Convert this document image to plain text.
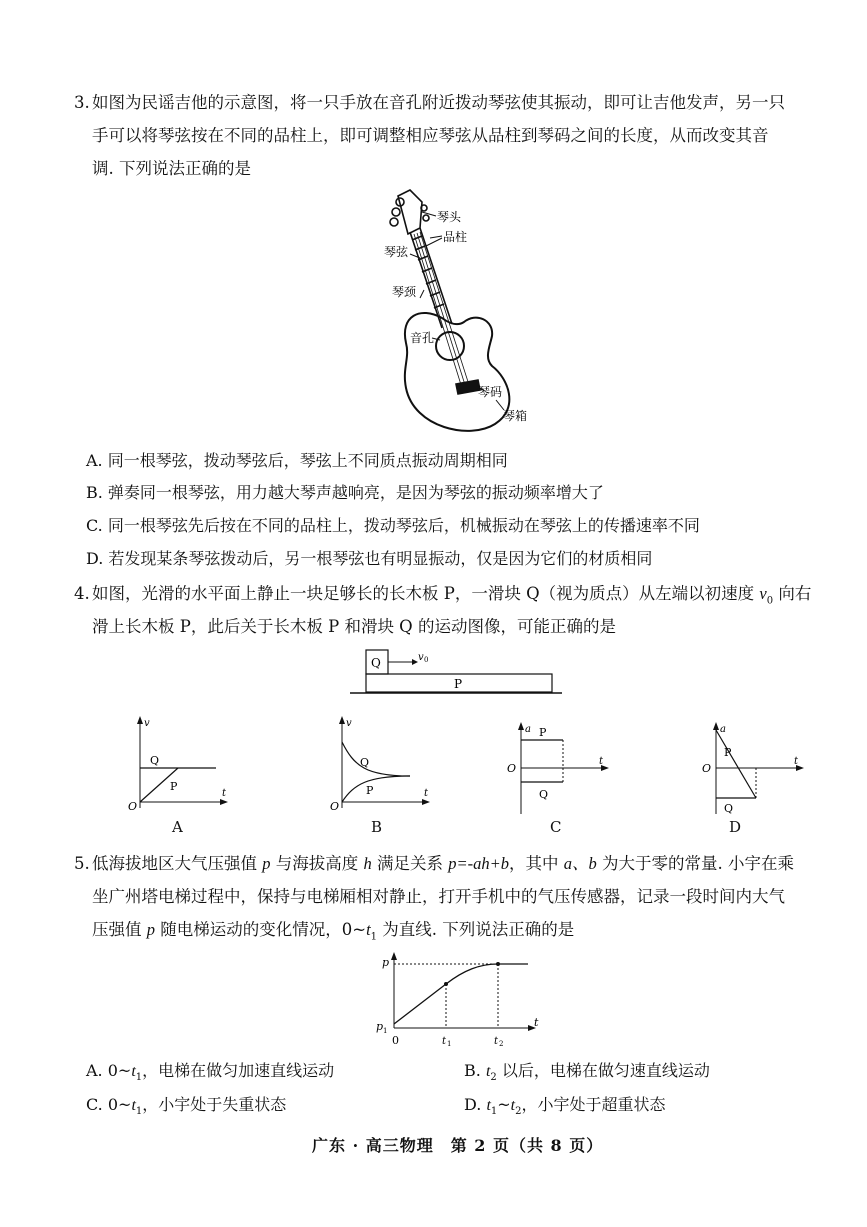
3. 如图为民谣吉他的示意图，将一只手放在音孔附近拨动琴弦使其振动，即可让吉他发声，另一只
手可以将琴弦按在不同的品柱上，即可调整相应琴弦从品柱到琴码之间的长度，从而改变其音
调. 下列说法正确的是
琴头
品柱
琴弦
琴颈
音孔
琴码
琴箱
A. 同一根琴弦，拨动琴弦后，琴弦上不同质点振动周期相同
B. 弹奏同一根琴弦，用力越大琴声越响亮，是因为琴弦的振动频率增大了
C. 同一根琴弦先后按在不同的品柱上，拨动琴弦后，机械振动在琴弦上的传播速率不同
D. 若发现某条琴弦拨动后，另一根琴弦也有明显振动，仅是因为它们的材质相同
4. 如图，光滑的水平面上静止一块足够长的长木板 P，一滑块 Q（视为质点）从左端以初速度 $v_0$ 向右
滑上长木板 P，此后关于长木板 P 和滑块 Q 的运动图像，可能正确的是
Q	v 0
P
v
t
O
Q
P
A
v
t
O
Q
P
B
a
t
O
P
Q
C
a
t
O
P
Q
D
5. 低海拔地区大气压强值 p 与海拔高度 h 满足关系 p=-ah+b，其中 a、b 为大于零的常量. 小宇在乘
坐广州塔电梯过程中，保持与电梯厢相对静止，打开手机中的气压传感器，记录一段时间内大气
压强值 p 随电梯运动的变化情况，$0\sim t_1$ 为直线. 下列说法正确的是
p
t
0
p 1
t 1	t 2
A. $0\sim t_1$，电梯在做匀加速直线运动	B. $t_2$ 以后，电梯在做匀速直线运动
C. $0\sim t_1$，小宇处于失重状态	D. $t_1\sim t_2$，小宇处于超重状态
广东 · 高三物理　第 2 页（共 8 页）
